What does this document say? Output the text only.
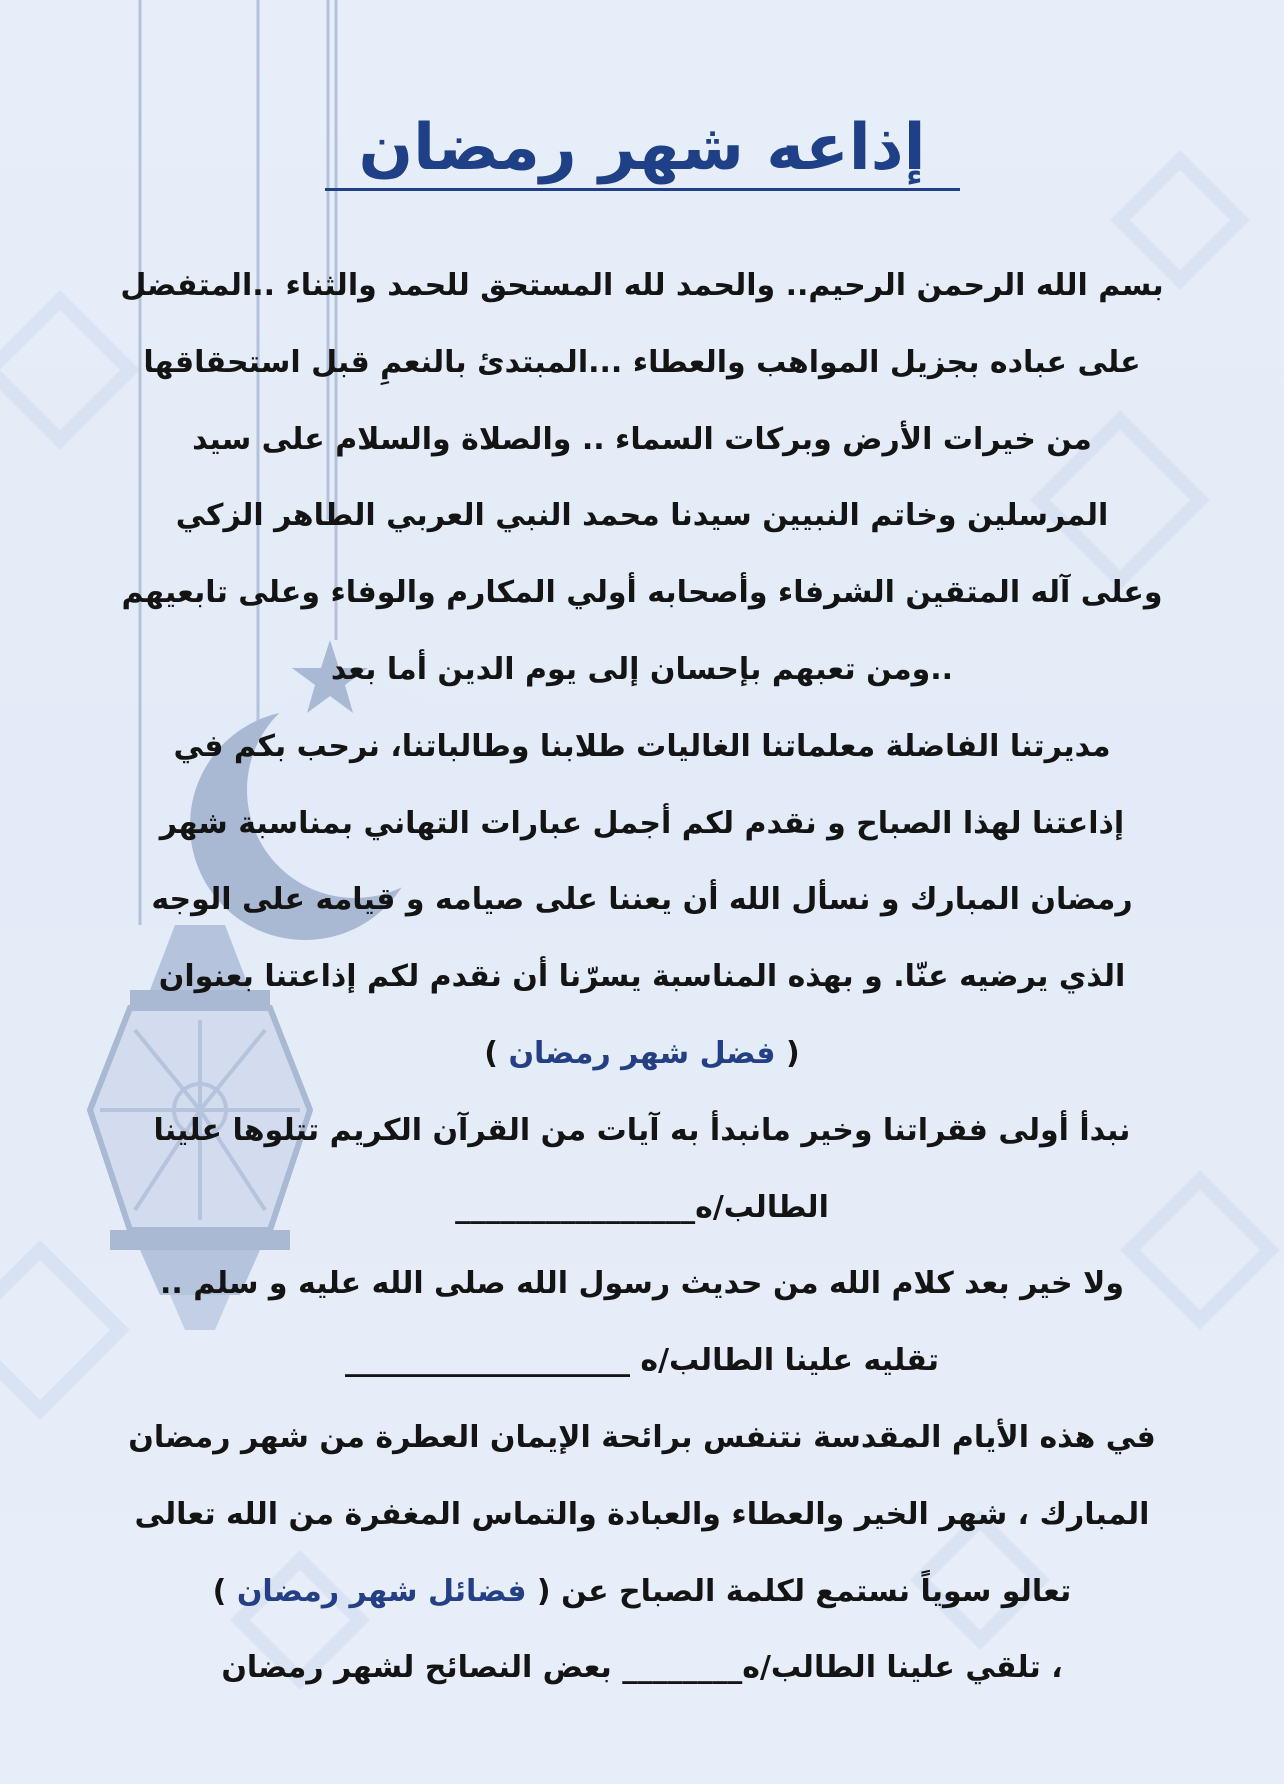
إذاعه شهر رمضان
بسم الله الرحمن الرحيم.. والحمد لله المستحق للحمد والثناء ..المتفضل
على عباده بجزيل المواهب والعطاء ...المبتدئ بالنعمِ قبل استحقاقها
من خيرات الأرض وبركات السماء .. والصلاة والسلام على سيد
المرسلين وخاتم النبيين سيدنا محمد النبي العربي الطاهر الزكي
وعلى آله المتقين الشرفاء وأصحابه أولي المكارم والوفاء وعلى تابعيهم
..ومن تعبهم بإحسان إلى يوم الدين أما بعد
مديرتنا الفاضلة معلماتنا الغاليات طلابنا وطالباتنا، نرحب بكم في
إذاعتنا لهذا الصباح و نقدم لكم أجمل عبارات التهاني بمناسبة شهر
رمضان المبارك و نسأل الله أن يعننا على صيامه و قيامه على الوجه
الذي يرضيه عنّا. و بهذه المناسبة يسرّنا أن نقدم لكم إذاعتنا بعنوان
( فضل شهر رمضان )
نبدأ أولى فقراتنا وخير مانبدأ به آيات من القرآن الكريم تتلوها علينا
الطالب/ه________________
ولا خير بعد كلام الله من حديث رسول الله صلى الله عليه و سلم ..
تقليه علينا الطالب/ه ___________________
في هذه الأيام المقدسة نتنفس برائحة الإيمان العطرة من شهر رمضان
المبارك ، شهر الخير والعطاء والعبادة والتماس المغفرة من الله تعالى
تعالو سوياً نستمع لكلمة الصباح عن ( فضائل شهر رمضان )
، تلقي علينا الطالب/ه________ بعض النصائح لشهر رمضان
